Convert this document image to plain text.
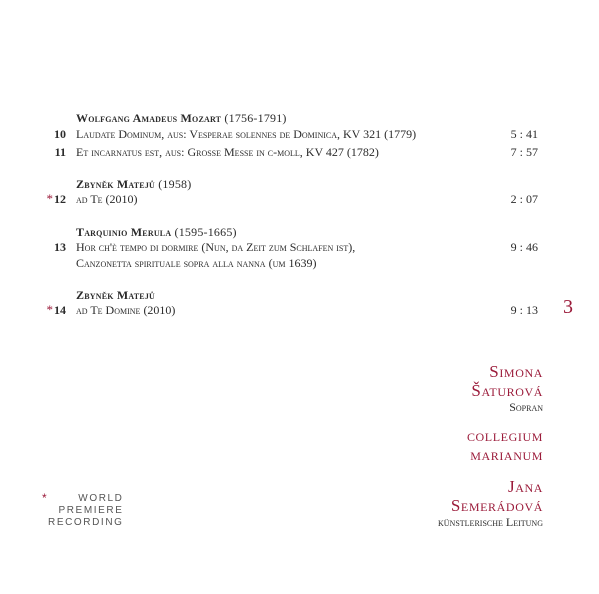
Wolfgang Amadeus Mozart (1756-1791)
10 Laudate Dominum, aus: Vesperae solennes de Dominica, KV 321 (1779)	5 : 41
11 Et incarnatus est, aus: Grosse Messe in c-moll, KV 427 (1782)	7 : 57
Zbyněk Matejů (1958)
*12 ad Te (2010)	2 : 07
Tarquinio Merula (1595-1665)
13 Hor ch'è tempo di dormire (Nun, da Zeit zum Schlafen ist),	9 : 46
Canzonetta spirituale sopra alla nanna (um 1639)
Zbyněk Matejů
*14 ad Te Domine (2010)	9 : 13 3
Simona
Šaturová
Sopran
collegium
marianum
Jana
Semerádová
künstlerische Leitung
*	WORLD
PREMIERE
RECORDING
